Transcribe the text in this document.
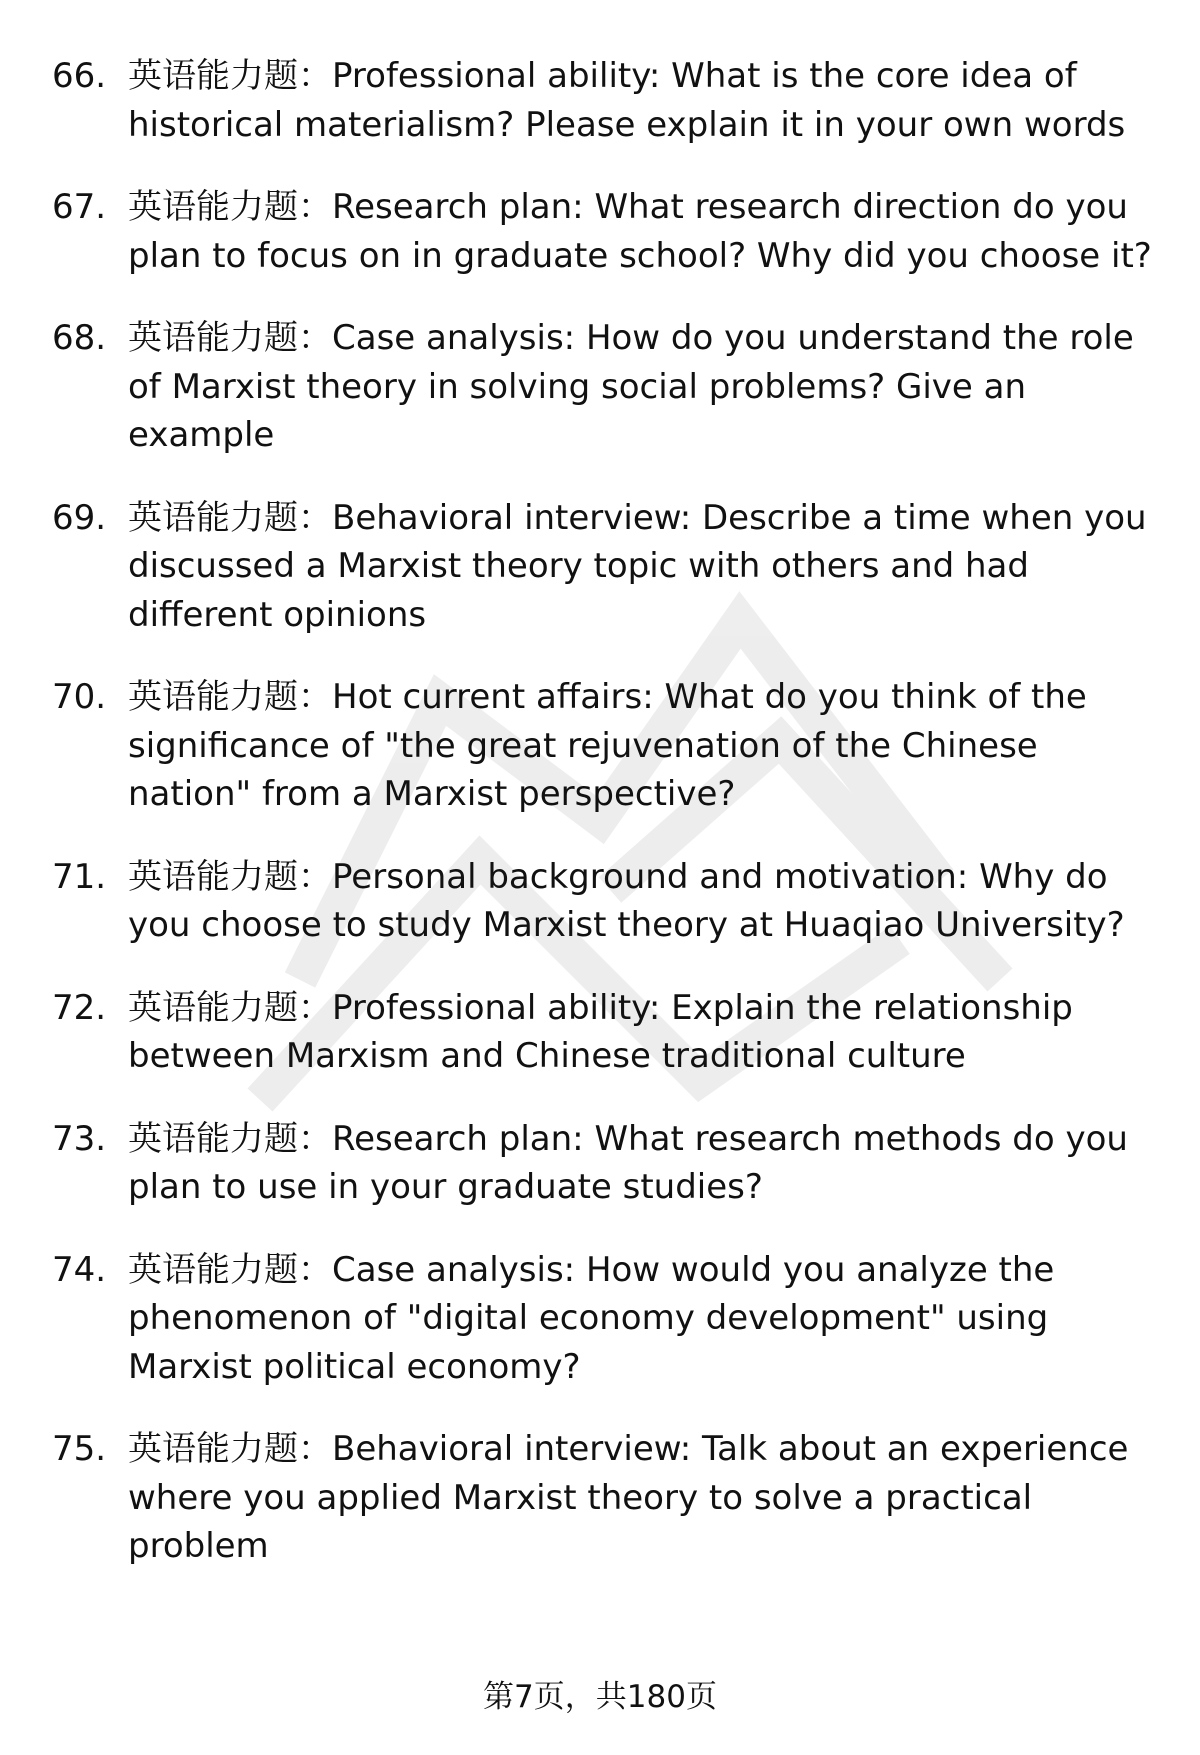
66. 英语能力题：Professional ability: What is the core idea of historical materialism? Please explain it in your own words
67. 英语能力题：Research plan: What research direction do you plan to focus on in graduate school? Why did you choose it?
68. 英语能力题：Case analysis: How do you understand the role of Marxist theory in solving social problems? Give an example
69. 英语能力题：Behavioral interview: Describe a time when you discussed a Marxist theory topic with others and had different opinions
70. 英语能力题：Hot current affairs: What do you think of the significance of "the great rejuvenation of the Chinese nation" from a Marxist perspective?
71. 英语能力题：Personal background and motivation: Why do you choose to study Marxist theory at Huaqiao University?
72. 英语能力题：Professional ability: Explain the relationship between Marxism and Chinese traditional culture
73. 英语能力题：Research plan: What research methods do you plan to use in your graduate studies?
74. 英语能力题：Case analysis: How would you analyze the phenomenon of "digital economy development" using Marxist political economy?
75. 英语能力题：Behavioral interview: Talk about an experience where you applied Marxist theory to solve a practical problem
第7页，共180页
